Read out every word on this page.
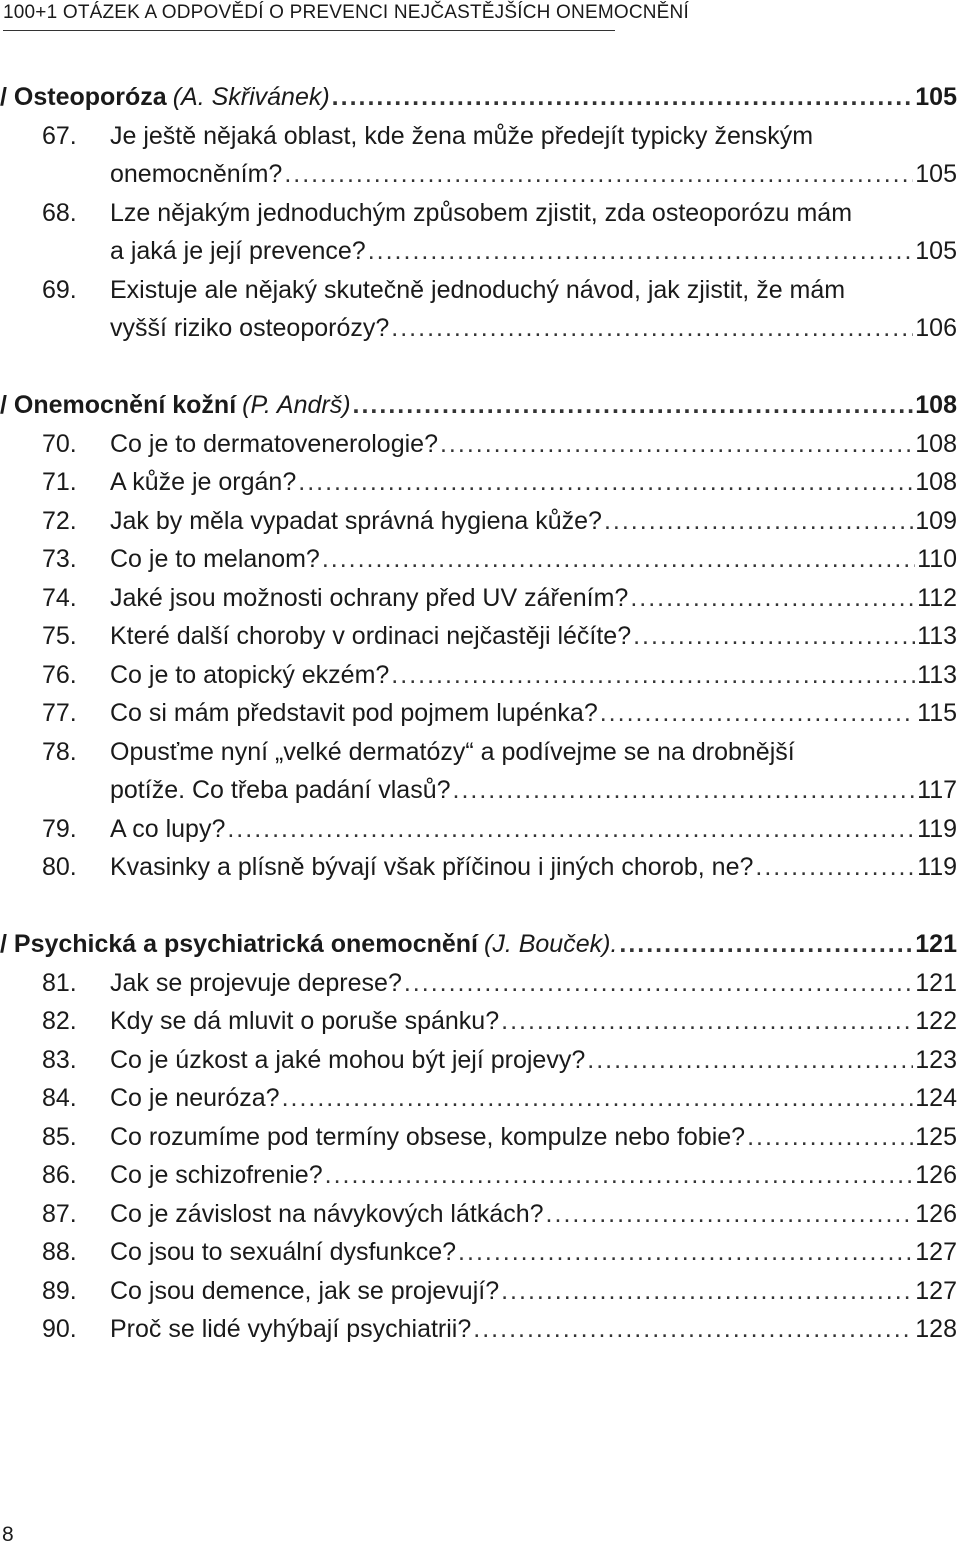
100+1 OTÁZEK A ODPOVĚDÍ O PREVENCI NEJČASTĚJŠÍCH ONEMOCNĚNÍ
/ Osteoporóza (A. Skřivánek) .....	105
67.	Je ještě nějaká oblast, kde žena může předejít typicky ženským
onemocněním? .....	105
68.	Lze nějakým jednoduchým způsobem zjistit, zda osteoporózu mám
a jaká je její prevence? .....	105
69.	Existuje ale nějaký skutečně jednoduchý návod, jak zjistit, že mám
vyšší riziko osteoporózy? .....	106
/ Onemocnění kožní (P. Andrš) .....	108
70.	Co je to dermatovenerologie? .....	108
71.	A kůže je orgán? .....	108
72.	Jak by měla vypadat správná hygiena kůže? .....	109
73.	Co je to melanom? .....	110
74.	Jaké jsou možnosti ochrany před UV zářením? .....	112
75.	Které další choroby v ordinaci nejčastěji léčíte? .....	113
76.	Co je to atopický ekzém? .....	113
77.	Co si mám představit pod pojmem lupénka? .....	115
78.	Opusťme nyní „velké dermatózy“ a podívejme se na drobnější
potíže. Co třeba padání vlasů? .....	117
79.	A co lupy? .....	119
80.	Kvasinky a plísně bývají však příčinou i jiných chorob, ne? .....	119
/ Psychická a psychiatrická onemocnění (J. Bouček). .....	121
81.	Jak se projevuje deprese? .....	121
82.	Kdy se dá mluvit o poruše spánku? .....	122
83.	Co je úzkost a jaké mohou být její projevy? .....	123
84.	Co je neuróza? .....	124
85.	Co rozumíme pod termíny obsese, kompulze nebo fobie? .....	125
86.	Co je schizofrenie? .....	126
87.	Co je závislost na návykových látkách? .....	126
88.	Co jsou to sexuální dysfunkce? .....	127
89.	Co jsou demence, jak se projevují? .....	127
90.	Proč se lidé vyhýbají psychiatrii? .....	128
8
